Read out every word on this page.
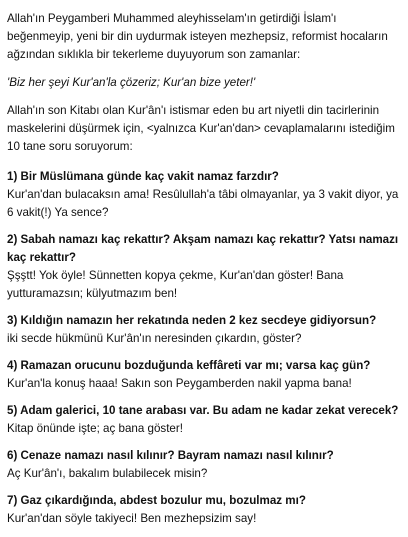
Allah'ın Peygamberi Muhammed aleyhisselam'ın getirdiği İslam'ı beğenmeyip, yeni bir din uydurmak isteyen mezhepsiz, reformist hocaların ağzından sıklıkla bir tekerleme duyuyorum son zamanlar:

'Biz her şeyi Kur'an'la çözeriz; Kur'an bize yeter!'

Allah'ın son Kitabı olan Kur'ân'ı istismar eden bu art niyetli din tacirlerinin maskelerini düşürmek için, <yalnızca Kur'an'dan> cevaplamalarını istediğim 10 tane soru soruyorum:

1) Bir Müslümana günde kaç vakit namaz farzdır?

Kur'an'dan bulacaksın ama! Resûlullah'a tâbi olmayanlar, ya 3 vakit diyor, ya 6 vakit(!) Ya sence?

2) Sabah namazı kaç rekattır? Akşam namazı kaç rekattır? Yatsı namazı kaç rekattır?

Şşştt! Yok öyle! Sünnetten kopya çekme, Kur'an'dan göster! Bana yutturamazsın; külyutmazım ben!

3) Kıldığın namazın her rekatında neden 2 kez secdeye gidiyorsun?

iki secde hükmünü Kur'ân'ın neresinden çıkardın, göster?

4) Ramazan orucunu bozduğunda keffâreti var mı; varsa kaç gün?

Kur'an'la konuş haaa! Sakın son Peygamberden nakil yapma bana!

5) Adam galerici, 10 tane arabası var. Bu adam ne kadar zekat verecek?

Kitap önünde işte; aç bana göster!

6) Cenaze namazı nasıl kılınır? Bayram namazı nasıl kılınır?

Aç Kur'ân'ı, bakalım bulabilecek misin?

7) Gaz çıkardığında, abdest bozulur mu, bozulmaz mı?

Kur'an'dan söyle takiyeci! Ben mezhepsizim say!
